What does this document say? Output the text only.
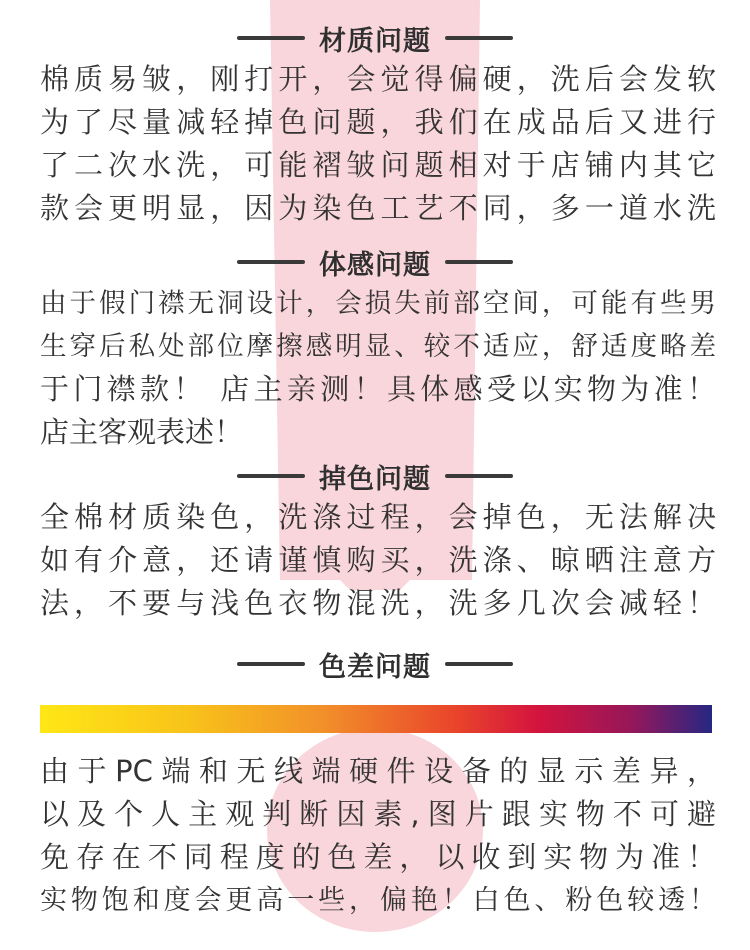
材质问题
棉质易皱，刚打开，会觉得偏硬，洗后会发软
为了尽量减轻掉色问题，我们在成品后又进行
了二次水洗，可能褶皱问题相对于店铺内其它
款会更明显，因为染色工艺不同，多一道水洗
体感问题
由于假门襟无洞设计，会损失前部空间，可能有些男
生穿后私处部位摩擦感明显、较不适应，舒适度略差
于门襟款！ 店主亲测！具体感受以实物为准！
店主客观表述！
掉色问题
全棉材质染色，洗涤过程，会掉色，无法解决
如有介意，还请谨慎购买，洗涤、晾晒注意方
法，不要与浅色衣物混洗，洗多几次会减轻！
色差问题
由于PC端和无线端硬件设备的显示差异，
以及个人主观判断因素,图片跟实物不可避
免存在不同程度的色差，以收到实物为准！
实物饱和度会更高一些，偏艳！白色、粉色较透！
